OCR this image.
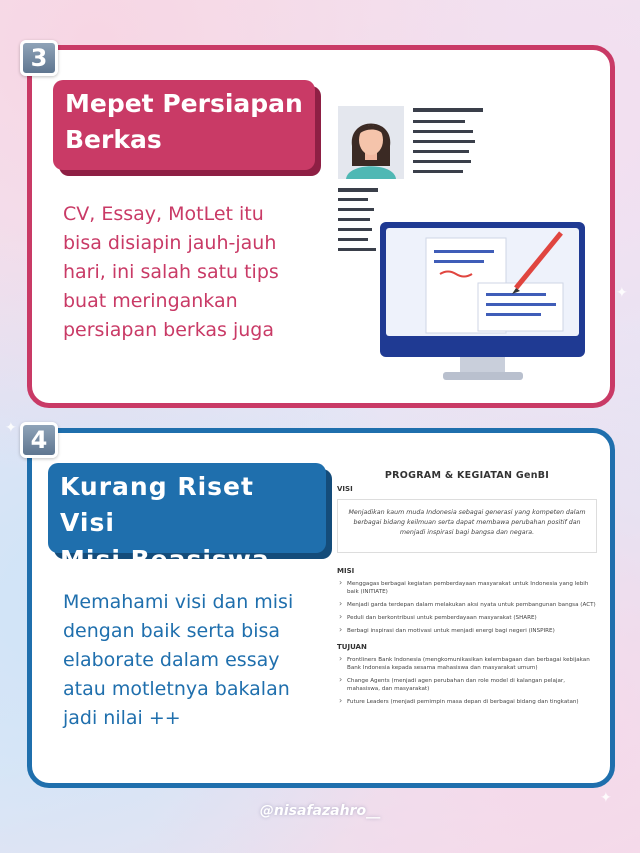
✦
✦
✦
3
Mepet Persiapan
Berkas
CV, Essay, MotLet itu bisa disiapin jauh-jauh hari, ini salah satu tips buat meringankan persiapan berkas juga
4
Kurang Riset Visi
Misi Beasiswa
Memahami visi dan misi dengan baik serta bisa elaborate dalam essay atau motletnya bakalan jadi nilai ++
PROGRAM & KEGIATAN GenBI
VISI
Menjadikan kaum muda Indonesia sebagai generasi yang kompeten dalam berbagai bidang keilmuan serta dapat membawa perubahan positif dan menjadi inspirasi bagi bangsa dan negara.
MISI
› Menggagas berbagai kegiatan pemberdayaan masyarakat untuk Indonesia yang lebih baik (INITIATE)
› Menjadi garda terdepan dalam melakukan aksi nyata untuk pembangunan bangsa (ACT)
› Peduli dan berkontribusi untuk pemberdayaan masyarakat (SHARE)
› Berbagi inspirasi dan motivasi untuk menjadi energi bagi negeri (INSPIRE)
TUJUAN
› Frontliners Bank Indonesia (mengkomunikasikan kelembagaan dan berbagai kebijakan Bank Indonesia kepada sesama mahasiswa dan masyarakat umum)
› Change Agents (menjadi agen perubahan dan role model di kalangan pelajar, mahasiswa, dan masyarakat)
› Future Leaders (menjadi pemimpin masa depan di berbagai bidang dan tingkatan)
@nisafazahro__
